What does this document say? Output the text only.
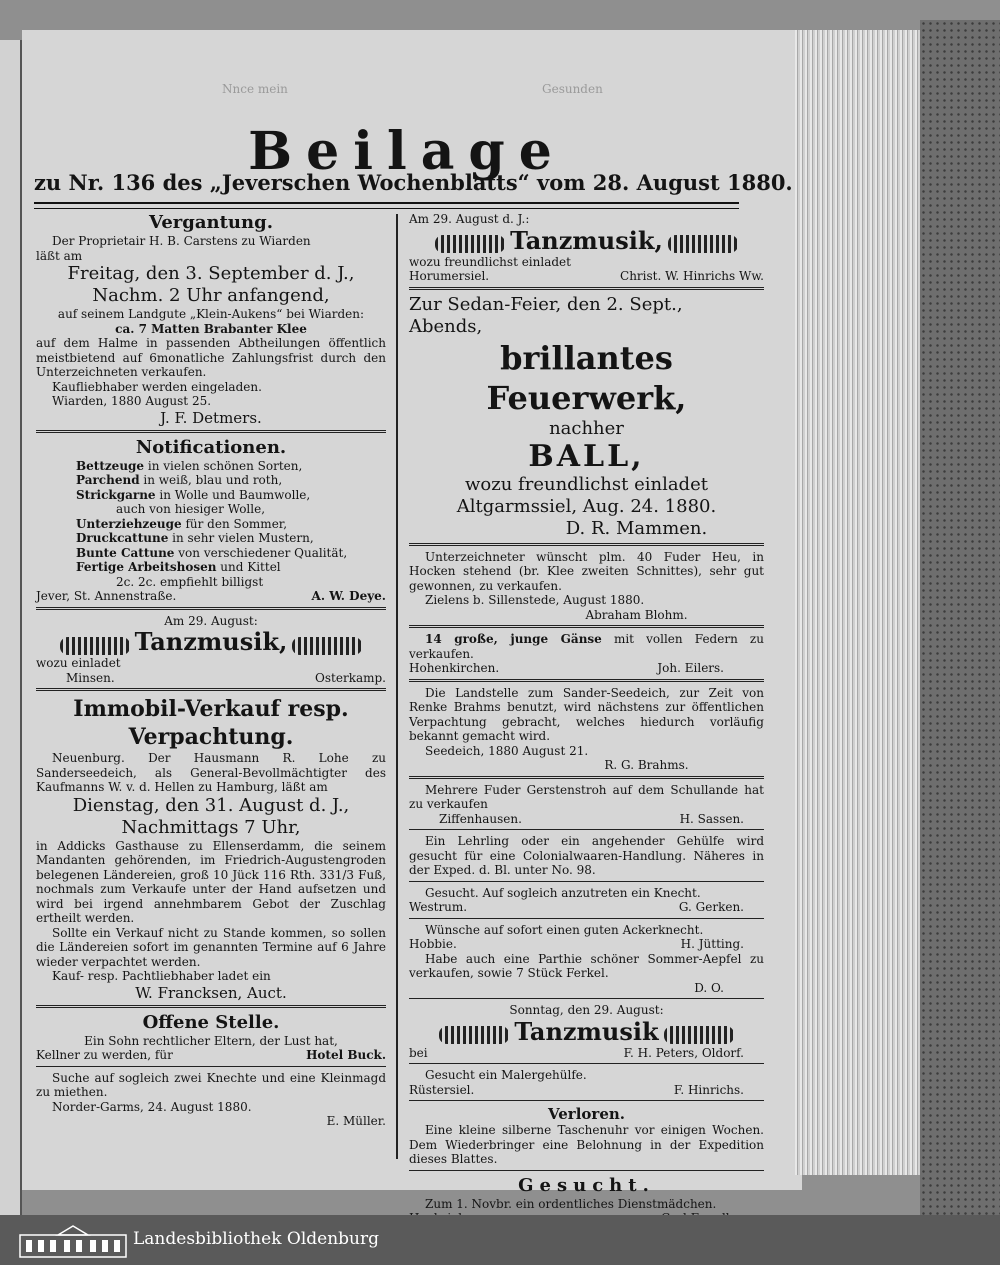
Nnce mein	Gesunden
Beilage
zu Nr. 136 des „Jeverschen Wochenblatts“ vom 28. August 1880.
Vergantung.
Der Proprietair H. B. Carstens zu Wiarden
läßt am
Freitag, den 3. September d. J.,
Nachm. 2 Uhr anfangend,
auf seinem Landgute „Klein-Aukens“ bei Wiarden:
ca. 7 Matten Brabanter Klee
auf dem Halme in passenden Abtheilungen öffentlich meistbietend auf 6monatliche Zahlungsfrist durch den Unterzeichneten verkaufen.
Kaufliebhaber werden eingeladen.
Wiarden, 1880 August 25.
J. F. Detmers.
Notificationen.
Bettzeuge in vielen schönen Sorten,
Parchend in weiß, blau und roth,
Strickgarne in Wolle und Baumwolle,
auch von hiesiger Wolle,
Unterziehzeuge für den Sommer,
Druckcattune in sehr vielen Mustern,
Bunte Cattune von verschiedener Qualität,
Fertige Arbeitshosen und Kittel
2c. 2c. empfiehlt billigst
Jever, St. Annenstraße.	A. W. Deye.
Am 29. August:
Tanzmusik,
wozu einladet
Minsen.	Osterkamp.
Immobil-Verkauf resp.
Verpachtung.
Neuenburg. Der Hausmann R. Lohe zu Sanderseedeich, als General-Bevollmächtigter des Kaufmanns W. v. d. Hellen zu Hamburg, läßt am
Dienstag, den 31. August d. J.,
Nachmittags 7 Uhr,
in Addicks Gasthause zu Ellenserdamm, die seinem Mandanten gehörenden, im Friedrich-Augustengroden belegenen Ländereien, groß 10 Jück 116 Rth. 331/3 Fuß, nochmals zum Verkaufe unter der Hand aufsetzen und wird bei irgend annehmbarem Gebot der Zuschlag ertheilt werden.
Sollte ein Verkauf nicht zu Stande kommen, so sollen die Ländereien sofort im genannten Termine auf 6 Jahre wieder verpachtet werden.
Kauf- resp. Pachtliebhaber ladet ein
W. Francksen, Auct.
Offene Stelle.
Ein Sohn rechtlicher Eltern, der Lust hat,
Kellner zu werden, für	Hotel Buck.
Suche auf sogleich zwei Knechte und eine Kleinmagd zu miethen.
Norder-Garms, 24. August 1880.
E. Müller.
Am 29. August d. J.:
Tanzmusik,
wozu freundlichst einladet
Horumersiel.	Christ. W. Hinrichs Ww.
Zur Sedan-Feier, den 2. Sept.,
Abends,
brillantes Feuerwerk,
nachher
BALL,
wozu freundlichst einladet
Altgarmssiel, Aug. 24. 1880.
D. R. Mammen.
Unterzeichneter wünscht plm. 40 Fuder Heu, in Hocken stehend (br. Klee zweiten Schnittes), sehr gut gewonnen, zu verkaufen.
Zielens b. Sillenstede, August 1880.
Abraham Blohm.
14 große, junge Gänse mit vollen Federn zu verkaufen.
Hohenkirchen.	Joh. Eilers.
Die Landstelle zum Sander-Seedeich, zur Zeit von Renke Brahms benutzt, wird nächstens zur öffentlichen Verpachtung gebracht, welches hiedurch vorläufig bekannt gemacht wird.
Seedeich, 1880 August 21.
R. G. Brahms.
Mehrere Fuder Gerstenstroh auf dem Schullande hat zu verkaufen
Ziffenhausen.	H. Sassen.
Ein Lehrling oder ein angehender Gehülfe wird gesucht für eine Colonialwaaren-Handlung. Näheres in der Exped. d. Bl. unter No. 98.
Gesucht. Auf sogleich anzutreten ein Knecht.
Westrum.	G. Gerken.
Wünsche auf sofort einen guten Ackerknecht.
Hobbie.	H. Jütting.
Habe auch eine Parthie schöner Sommer-Aepfel zu verkaufen, sowie 7 Stück Ferkel.
D. O.
Sonntag, den 29. August:
Tanzmusik
bei	F. H. Peters, Oldorf.
Gesucht ein Malergehülfe.
Rüstersiel.	F. Hinrichs.
Verloren.
Eine kleine silberne Taschenuhr vor einigen Wochen. Dem Wiederbringer eine Belohnung in der Expedition dieses Blattes.
Gesucht.
Zum 1. Novbr. ein ordentliches Dienstmädchen.
Landesbibliothek Oldenburg
